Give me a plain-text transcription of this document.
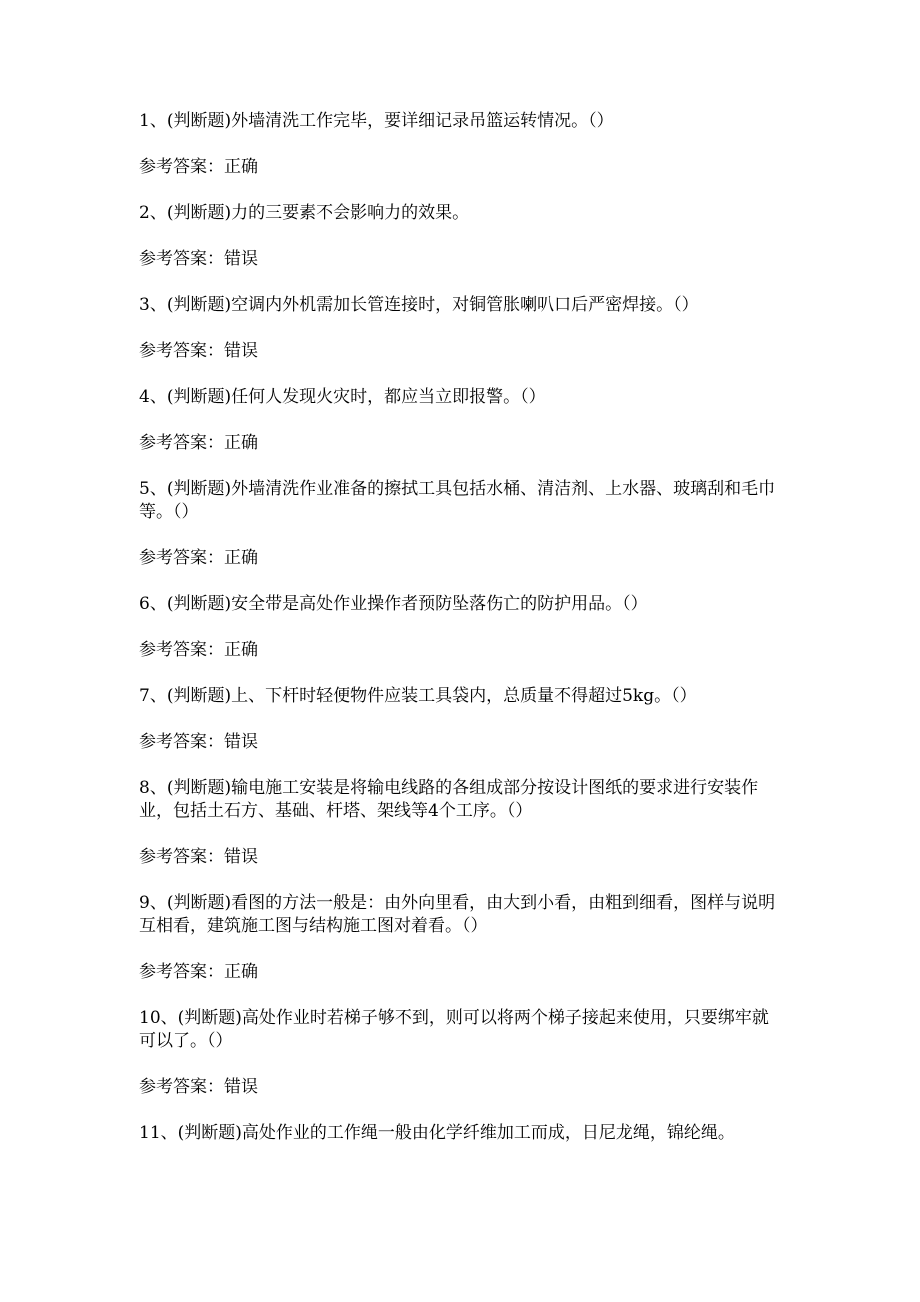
1、(判断题)外墙清洗工作完毕，要详细记录吊篮运转情况。（）

参考答案：正确

2、(判断题)力的三要素不会影响力的效果。

参考答案：错误

3、(判断题)空调内外机需加长管连接时，对铜管胀喇叭口后严密焊接。（）

参考答案：错误

4、(判断题)任何人发现火灾时，都应当立即报警。（）

参考答案：正确

5、(判断题)外墙清洗作业准备的擦拭工具包括水桶、清洁剂、上水器、玻璃刮和毛巾等。（）

参考答案：正确

6、(判断题)安全带是高处作业操作者预防坠落伤亡的防护用品。（）

参考答案：正确

7、(判断题)上、下杆时轻便物件应装工具袋内，总质量不得超过5kg。（）

参考答案：错误

8、(判断题)输电施工安装是将输电线路的各组成部分按设计图纸的要求进行安装作业，包括土石方、基础、杆塔、架线等4个工序。（）

参考答案：错误

9、(判断题)看图的方法一般是：由外向里看，由大到小看，由粗到细看，图样与说明互相看，建筑施工图与结构施工图对着看。（）

参考答案：正确

10、(判断题)高处作业时若梯子够不到，则可以将两个梯子接起来使用，只要绑牢就可以了。（）

参考答案：错误

11、(判断题)高处作业的工作绳一般由化学纤维加工而成，日尼龙绳，锦纶绳。
